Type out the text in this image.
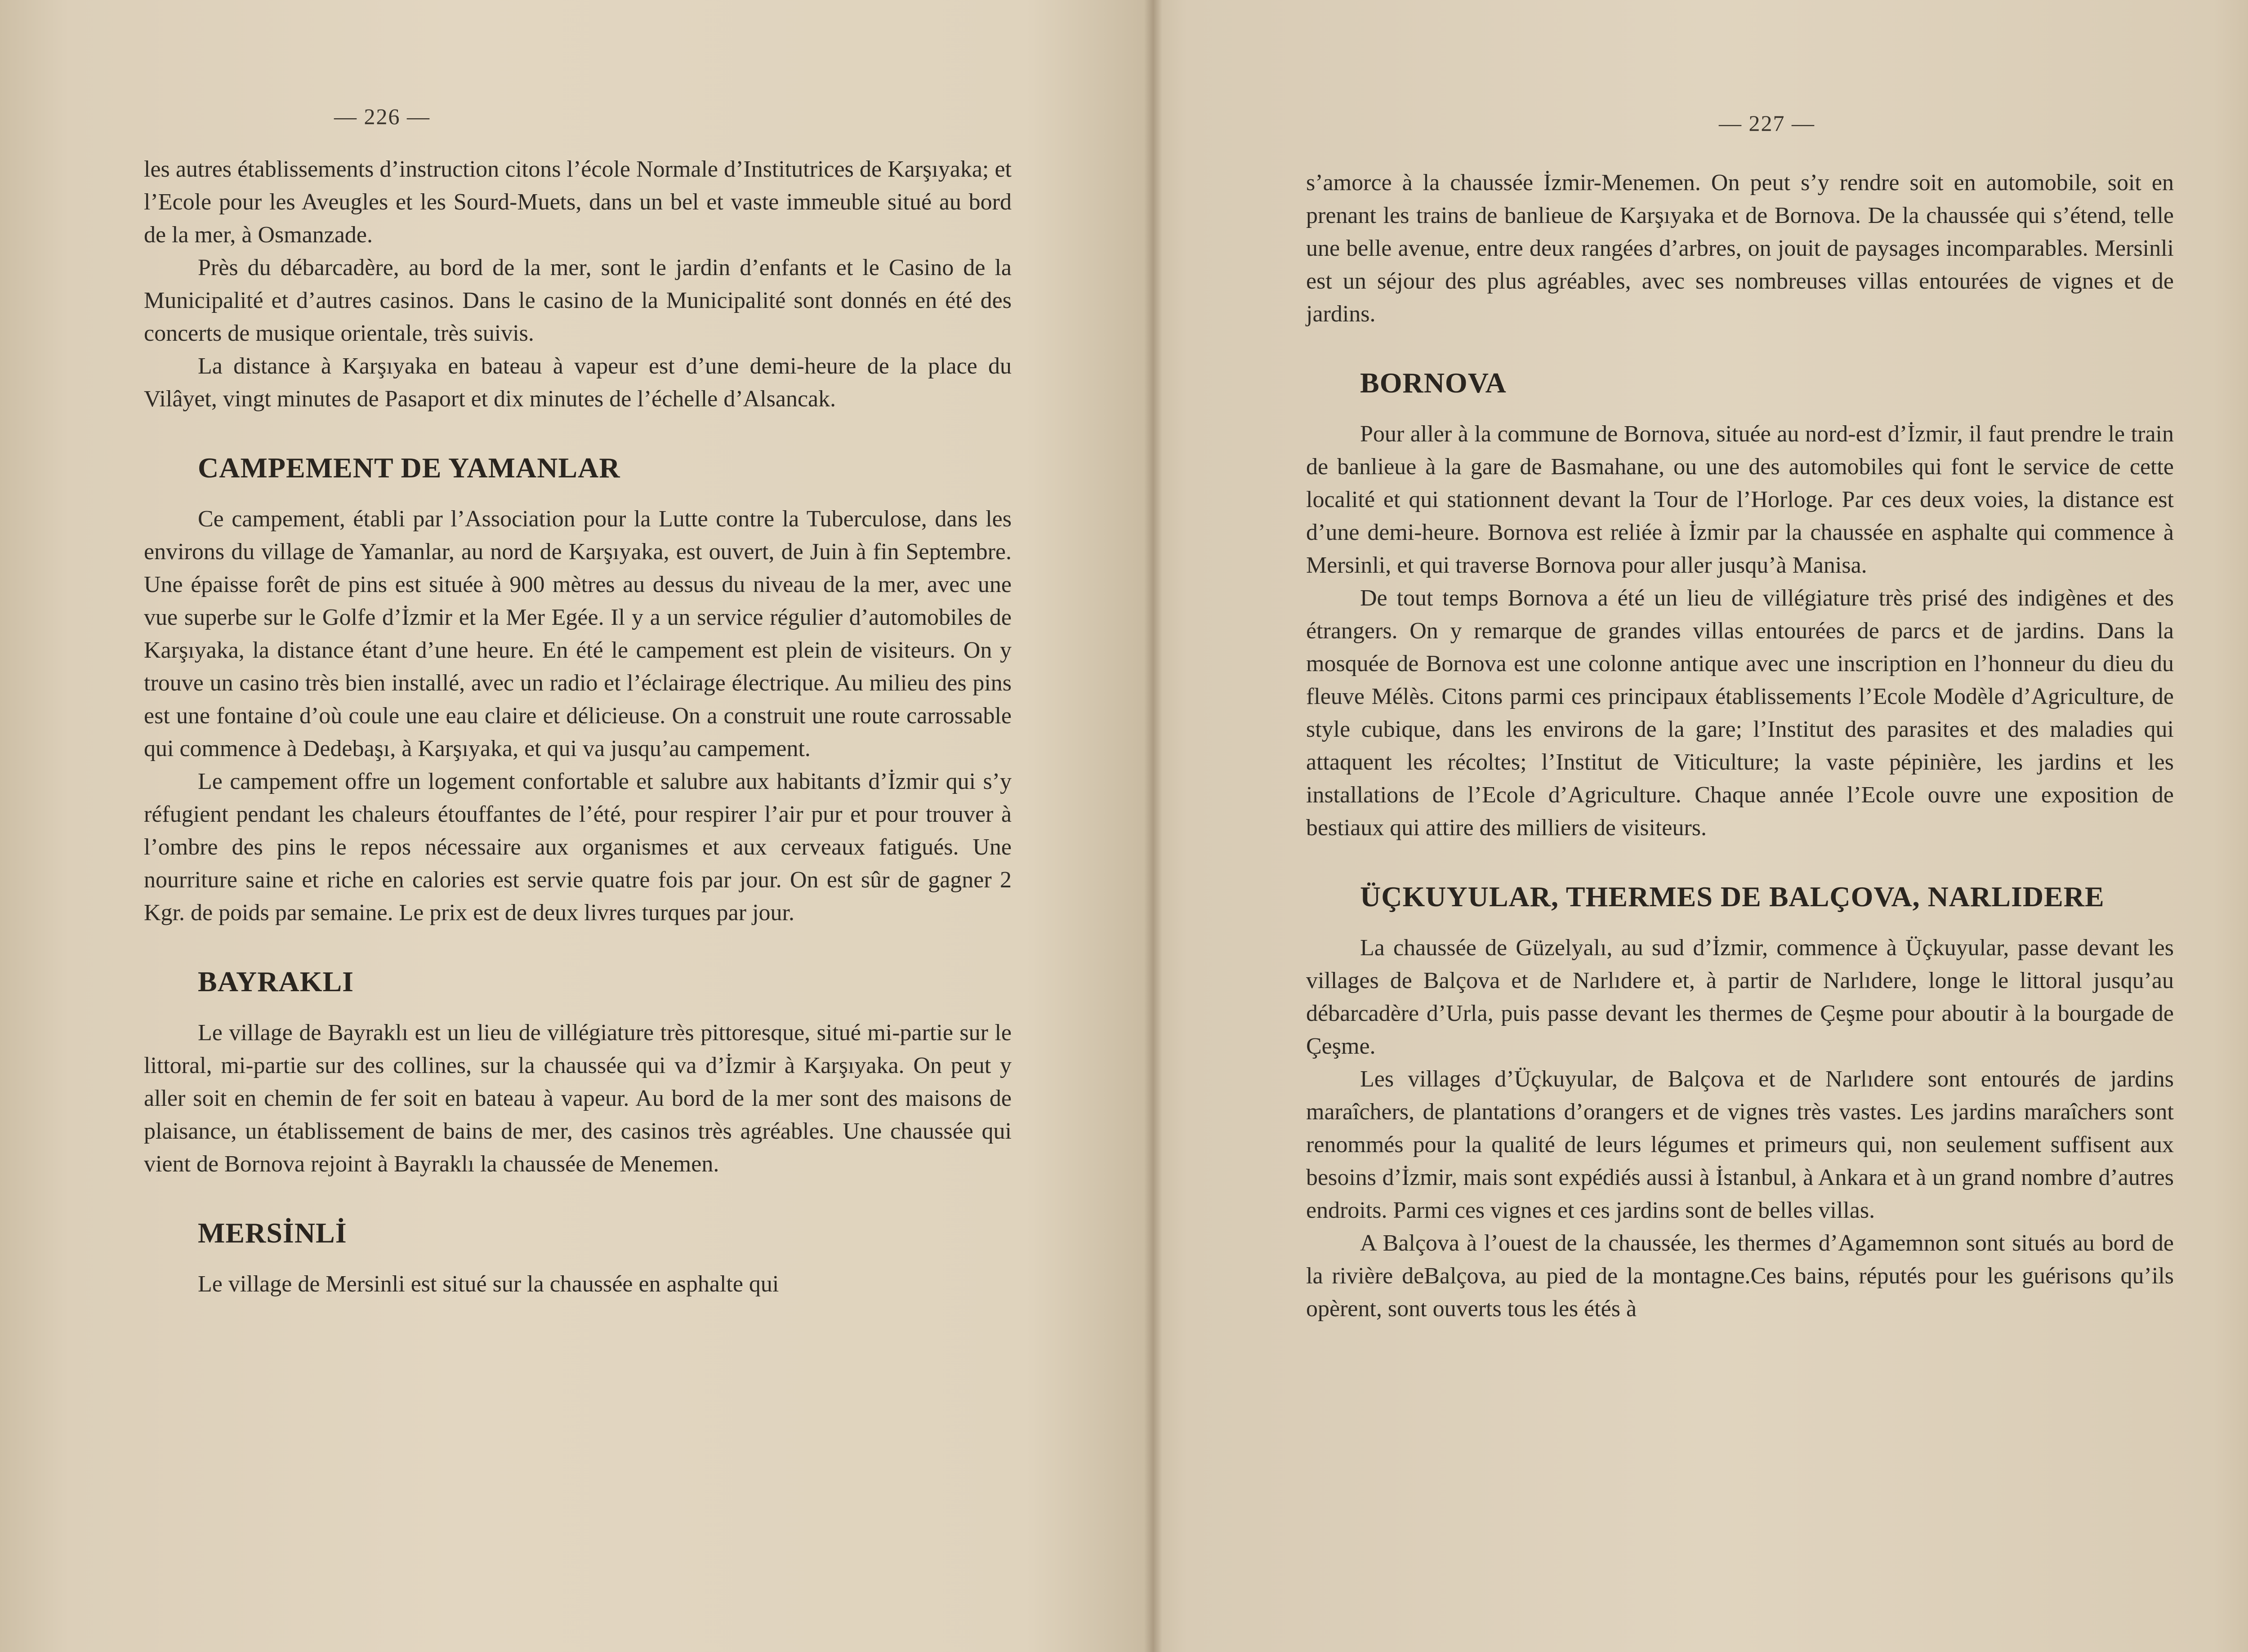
— 226 —

les autres établissements d’instruction citons l’école Normale d’Institutrices de Karşıyaka; et l’Ecole pour les Aveugles et les Sourd-Muets, dans un bel et vaste immeuble situé au bord de la mer, à Osmanzade.

Près du débarcadère, au bord de la mer, sont le jardin d’enfants et le Casino de la Municipalité et d’autres casinos. Dans le casino de la Municipalité sont donnés en été des concerts de musique orientale, très suivis.

La distance à Karşıyaka en bateau à vapeur est d’une demi-heure de la place du Vilâyet, vingt minutes de Pasaport et dix minutes de l’échelle d’Alsancak.

CAMPEMENT DE YAMANLAR

Ce campement, établi par l’Association pour la Lutte contre la Tuberculose, dans les environs du village de Yamanlar, au nord de Karşıyaka, est ouvert, de Juin à fin Septembre. Une épaisse forêt de pins est située à 900 mètres au dessus du niveau de la mer, avec une vue superbe sur le Golfe d’İzmir et la Mer Egée. Il y a un service régulier d’automobiles de Karşıyaka, la distance étant d’une heure. En été le campement est plein de visiteurs. On y trouve un casino très bien installé, avec un radio et l’éclairage électrique. Au milieu des pins est une fontaine d’où coule une eau claire et délicieuse. On a construit une route carrossable qui commence à Dedebaşı, à Karşıyaka, et qui va jusqu’au campement.

Le campement offre un logement confortable et salubre aux habitants d’İzmir qui s’y réfugient pendant les chaleurs étouffantes de l’été, pour respirer l’air pur et pour trouver à l’ombre des pins le repos nécessaire aux organismes et aux cerveaux fatigués. Une nourriture saine et riche en calories est servie quatre fois par jour. On est sûr de gagner 2 Kgr. de poids par semaine. Le prix est de deux livres turques par jour.

BAYRAKLI

Le village de Bayraklı est un lieu de villégiature très pittoresque, situé mi-partie sur le littoral, mi-partie sur des collines, sur la chaussée qui va d’İzmir à Karşıyaka. On peut y aller soit en chemin de fer soit en bateau à vapeur. Au bord de la mer sont des maisons de plaisance, un établissement de bains de mer, des casinos très agréables. Une chaussée qui vient de Bornova rejoint à Bayraklı la chaussée de Menemen.

MERSİNLİ

Le village de Mersinli est situé sur la chaussée en asphalte qui

— 227 —

s’amorce à la chaussée İzmir-Menemen. On peut s’y rendre soit en automobile, soit en prenant les trains de banlieue de Karşıyaka et de Bornova. De la chaussée qui s’étend, telle une belle avenue, entre deux rangées d’arbres, on jouit de paysages incomparables. Mersinli est un séjour des plus agréables, avec ses nombreuses villas entourées de vignes et de jardins.

BORNOVA

Pour aller à la commune de Bornova, située au nord-est d’İzmir, il faut prendre le train de banlieue à la gare de Basmahane, ou une des automobiles qui font le service de cette localité et qui stationnent devant la Tour de l’Horloge. Par ces deux voies, la distance est d’une demi-heure. Bornova est reliée à İzmir par la chaussée en asphalte qui commence à Mersinli, et qui traverse Bornova pour aller jusqu’à Manisa.

De tout temps Bornova a été un lieu de villégiature très prisé des indigènes et des étrangers. On y remarque de grandes villas entourées de parcs et de jardins. Dans la mosquée de Bornova est une colonne antique avec une inscription en l’honneur du dieu du fleuve Mélès. Citons parmi ces principaux établissements l’Ecole Modèle d’Agriculture, de style cubique, dans les environs de la gare; l’Institut des parasites et des maladies qui attaquent les récoltes; l’Institut de Viticulture; la vaste pépinière, les jardins et les installations de l’Ecole d’Agriculture. Chaque année l’Ecole ouvre une exposition de bestiaux qui attire des milliers de visiteurs.

ÜÇKUYULAR, THERMES DE BALÇOVA, NARLIDERE

La chaussée de Güzelyalı, au sud d’İzmir, commence à Üçkuyular, passe devant les villages de Balçova et de Narlıdere et, à partir de Narlıdere, longe le littoral jusqu’au débarcadère d’Urla, puis passe devant les thermes de Çeşme pour aboutir à la bourgade de Çeşme.

Les villages d’Üçkuyular, de Balçova et de Narlıdere sont entourés de jardins maraîchers, de plantations d’orangers et de vignes très vastes. Les jardins maraîchers sont renommés pour la qualité de leurs légumes et primeurs qui, non seulement suffisent aux besoins d’İzmir, mais sont expédiés aussi à İstanbul, à Ankara et à un grand nombre d’autres endroits. Parmi ces vignes et ces jardins sont de belles villas.

A Balçova à l’ouest de la chaussée, les thermes d’Agamemnon sont situés au bord de la rivière deBalçova, au pied de la montagne.Ces bains, réputés pour les guérisons qu’ils opèrent, sont ouverts tous les étés à
